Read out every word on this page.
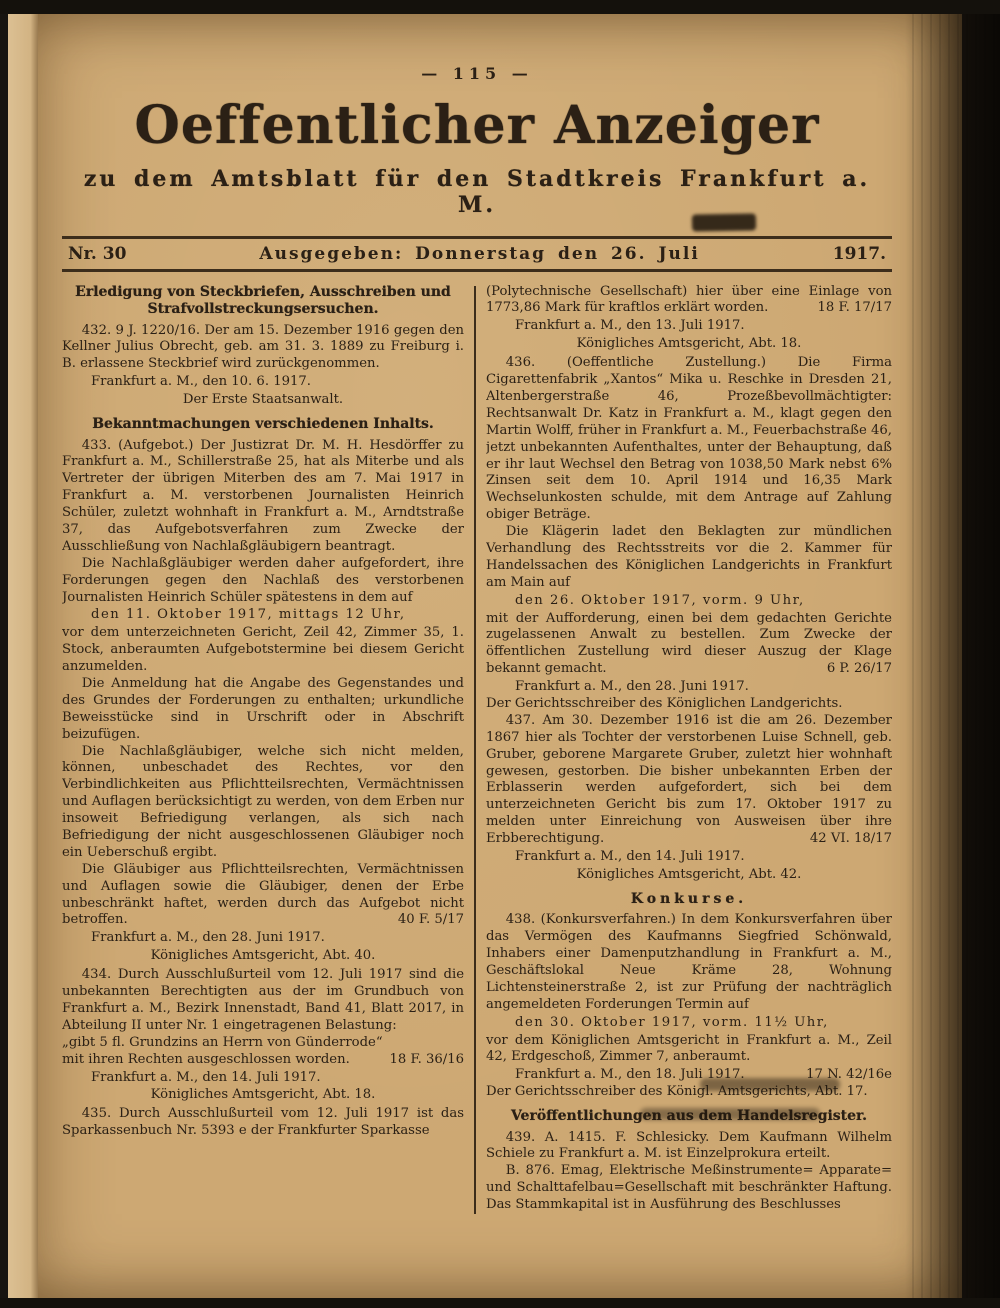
— 115 —
Oeffentlicher Anzeiger
zu dem Amtsblatt für den Stadtkreis Frankfurt a. M.
Nr. 30	Ausgegeben: Donnerstag den 26. Juli	1917.

Erledigung von Steckbriefen, Ausschreiben und Strafvollstreckungsersuchen.

432. 9 J. 1220/16. Der am 15. Dezember 1916 gegen den Kellner Julius Obrecht, geb. am 31. 3. 1889 zu Freiburg i. B. erlassene Steckbrief wird zurückgenommen.

Frankfurt a. M., den 10. 6. 1917.

Der Erste Staatsanwalt.

Bekanntmachungen verschiedenen Inhalts.

433. (Aufgebot.) Der Justizrat Dr. M. H. Hesdörffer zu Frankfurt a. M., Schillerstraße 25, hat als Miterbe und als Vertreter der übrigen Miterben des am 7. Mai 1917 in Frankfurt a. M. verstorbenen Journalisten Heinrich Schüler, zuletzt wohnhaft in Frankfurt a. M., Arndtstraße 37, das Aufgebotsverfahren zum Zwecke der Ausschließung von Nachlaßgläubigern beantragt.

Die Nachlaßgläubiger werden daher aufgefordert, ihre Forderungen gegen den Nachlaß des verstorbenen Journalisten Heinrich Schüler spätestens in dem auf

den 11. Oktober 1917, mittags 12 Uhr,

vor dem unterzeichneten Gericht, Zeil 42, Zimmer 35, 1. Stock, anberaumten Aufgebotstermine bei diesem Gericht anzumelden.

Die Anmeldung hat die Angabe des Gegenstandes und des Grundes der Forderungen zu enthalten; urkundliche Beweisstücke sind in Urschrift oder in Abschrift beizufügen.

Die Nachlaßgläubiger, welche sich nicht melden, können, unbeschadet des Rechtes, vor den Verbindlichkeiten aus Pflichtteilsrechten, Vermächtnissen und Auflagen berücksichtigt zu werden, von dem Erben nur insoweit Befriedigung verlangen, als sich nach Befriedigung der nicht ausgeschlossenen Gläubiger noch ein Ueberschuß ergibt.

Die Gläubiger aus Pflichtteilsrechten, Vermächtnissen und Auflagen sowie die Gläubiger, denen der Erbe unbeschränkt haftet, werden durch das Aufgebot nicht betroffen.	40 F. 5/17

Frankfurt a. M., den 28. Juni 1917.

Königliches Amtsgericht, Abt. 40.

434. Durch Ausschlußurteil vom 12. Juli 1917 sind die unbekannten Berechtigten aus der im Grundbuch von Frankfurt a. M., Bezirk Innenstadt, Band 41, Blatt 2017, in Abteilung II unter Nr. 1 eingetragenen Belastung:

„gibt 5 fl. Grundzins an Herrn von Günderrode“

mit ihren Rechten ausgeschlossen worden.	18 F. 36/16

Frankfurt a. M., den 14. Juli 1917.

Königliches Amtsgericht, Abt. 18.

435. Durch Ausschlußurteil vom 12. Juli 1917 ist das Sparkassenbuch Nr. 5393 e der Frankfurter Sparkasse

(Polytechnische Gesellschaft) hier über eine Einlage von 1773,86 Mark für kraftlos erklärt worden.	18 F. 17/17

Frankfurt a. M., den 13. Juli 1917.

Königliches Amtsgericht, Abt. 18.

436. (Oeffentliche Zustellung.) Die Firma Cigarettenfabrik „Xantos“ Mika u. Reschke in Dresden 21, Altenbergerstraße 46, Prozeßbevollmächtigter: Rechtsanwalt Dr. Katz in Frankfurt a. M., klagt gegen den Martin Wolff, früher in Frankfurt a. M., Feuerbachstraße 46, jetzt unbekannten Aufenthaltes, unter der Behauptung, daß er ihr laut Wechsel den Betrag von 1038,50 Mark nebst 6% Zinsen seit dem 10. April 1914 und 16,35 Mark Wechselunkosten schulde, mit dem Antrage auf Zahlung obiger Beträge.

Die Klägerin ladet den Beklagten zur mündlichen Verhandlung des Rechtsstreits vor die 2. Kammer für Handelssachen des Königlichen Landgerichts in Frankfurt am Main auf

den 26. Oktober 1917, vorm. 9 Uhr,

mit der Aufforderung, einen bei dem gedachten Gerichte zugelassenen Anwalt zu bestellen. Zum Zwecke der öffentlichen Zustellung wird dieser Auszug der Klage bekannt gemacht.	6 P. 26/17

Frankfurt a. M., den 28. Juni 1917.

Der Gerichtsschreiber des Königlichen Landgerichts.

437. Am 30. Dezember 1916 ist die am 26. Dezember 1867 hier als Tochter der verstorbenen Luise Schnell, geb. Gruber, geborene Margarete Gruber, zuletzt hier wohnhaft gewesen, gestorben. Die bisher unbekannten Erben der Erblasserin werden aufgefordert, sich bei dem unterzeichneten Gericht bis zum 17. Oktober 1917 zu melden unter Einreichung von Ausweisen über ihre Erbberechtigung.	42 VI. 18/17

Frankfurt a. M., den 14. Juli 1917.

Königliches Amtsgericht, Abt. 42.

Konkurse.

438. (Konkursverfahren.) In dem Konkursverfahren über das Vermögen des Kaufmanns Siegfried Schönwald, Inhabers einer Damenputzhandlung in Frankfurt a. M., Geschäftslokal Neue Kräme 28, Wohnung Lichtensteinerstraße 2, ist zur Prüfung der nachträglich angemeldeten Forderungen Termin auf

den 30. Oktober 1917, vorm. 11½ Uhr,

vor dem Königlichen Amtsgericht in Frankfurt a. M., Zeil 42, Erdgeschoß, Zimmer 7, anberaumt.

Frankfurt a. M., den 18. Juli 1917.	17 N. 42/16e

Der Gerichtsschreiber des Königl. Amtsgerichts, Abt. 17.

Veröffentlichungen aus dem Handelsregister.

439. A. 1415. F. Schlesicky. Dem Kaufmann Wilhelm Schiele zu Frankfurt a. M. ist Einzelprokura erteilt.

B. 876. Emag, Elektrische Meßinstrumente= Apparate= und Schalttafelbau=Gesellschaft mit beschränkter Haftung. Das Stammkapital ist in Ausführung des Beschlusses
